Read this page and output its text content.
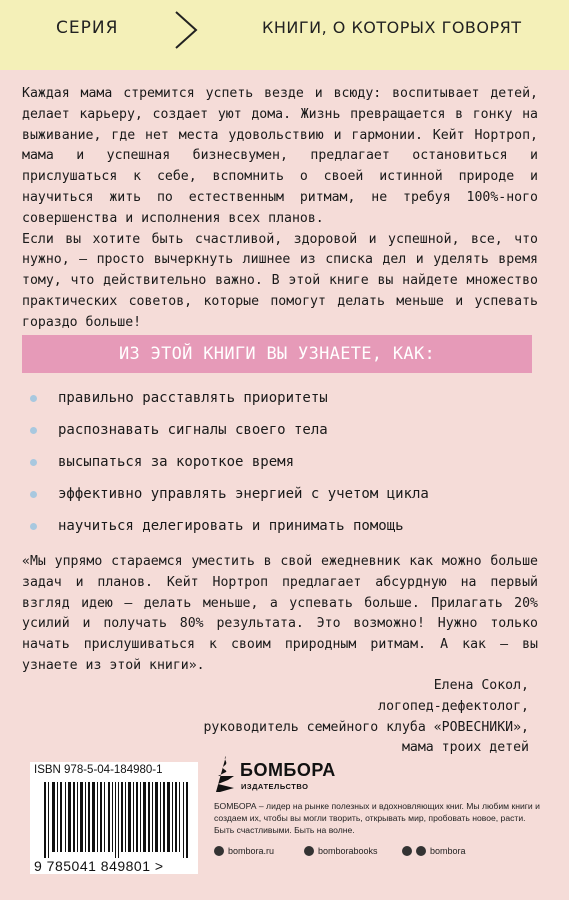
СЕРИЯ	КНИГИ, О КОТОРЫХ ГОВОРЯТ

Каждая мама стремится успеть везде и всюду: воспитывает детей, делает карьеру, создает уют дома. Жизнь превращается в гонку на выживание, где нет места удовольствию и гармонии. Кейт Нортроп, мама и успешная бизнесвумен, предлагает остановиться и прислушаться к себе, вспомнить о своей истинной природе и научиться жить по естественным ритмам, не требуя 100%-ного совершенства и исполнения всех планов.

Если вы хотите быть счастливой, здоровой и успешной, все, что нужно, – просто вычеркнуть лишнее из списка дел и уделять время тому, что действительно важно. В этой книге вы найдете множество практических советов, которые помогут делать меньше и успевать гораздо больше!

ИЗ ЭТОЙ КНИГИ ВЫ УЗНАЕТЕ, КАК:
правильно расставлять приоритеты
распознавать сигналы своего тела
высыпаться за короткое время
эффективно управлять энергией с учетом цикла
научиться делегировать и принимать помощь
«Мы упрямо стараемся уместить в свой ежедневник как можно больше задач и планов. Кейт Нортроп предлагает абсурдную на первый взгляд идею – делать меньше, а успевать больше. Прилагать 20% усилий и получать 80% результата. Это возможно! Нужно только начать прислушиваться к своим природным ритмам. А как – вы узнаете из этой книги».
Елена Сокол,
логопед-дефектолог,
руководитель семейного клуба «РОВЕСНИКИ»,
мама троих детей
ISBN 978-5-04-184980-1
9 785041 849801 >
БОМБОРА
ИЗДАТЕЛЬСТВО
БОМБОРА – лидер на рынке полезных и вдохновляющих книг. Мы любим книги и создаем их, чтобы вы могли творить, открывать мир, пробовать новое, расти. Быть счастливыми. Быть на волне.
bombora.ru	bomborabooks	bombora
